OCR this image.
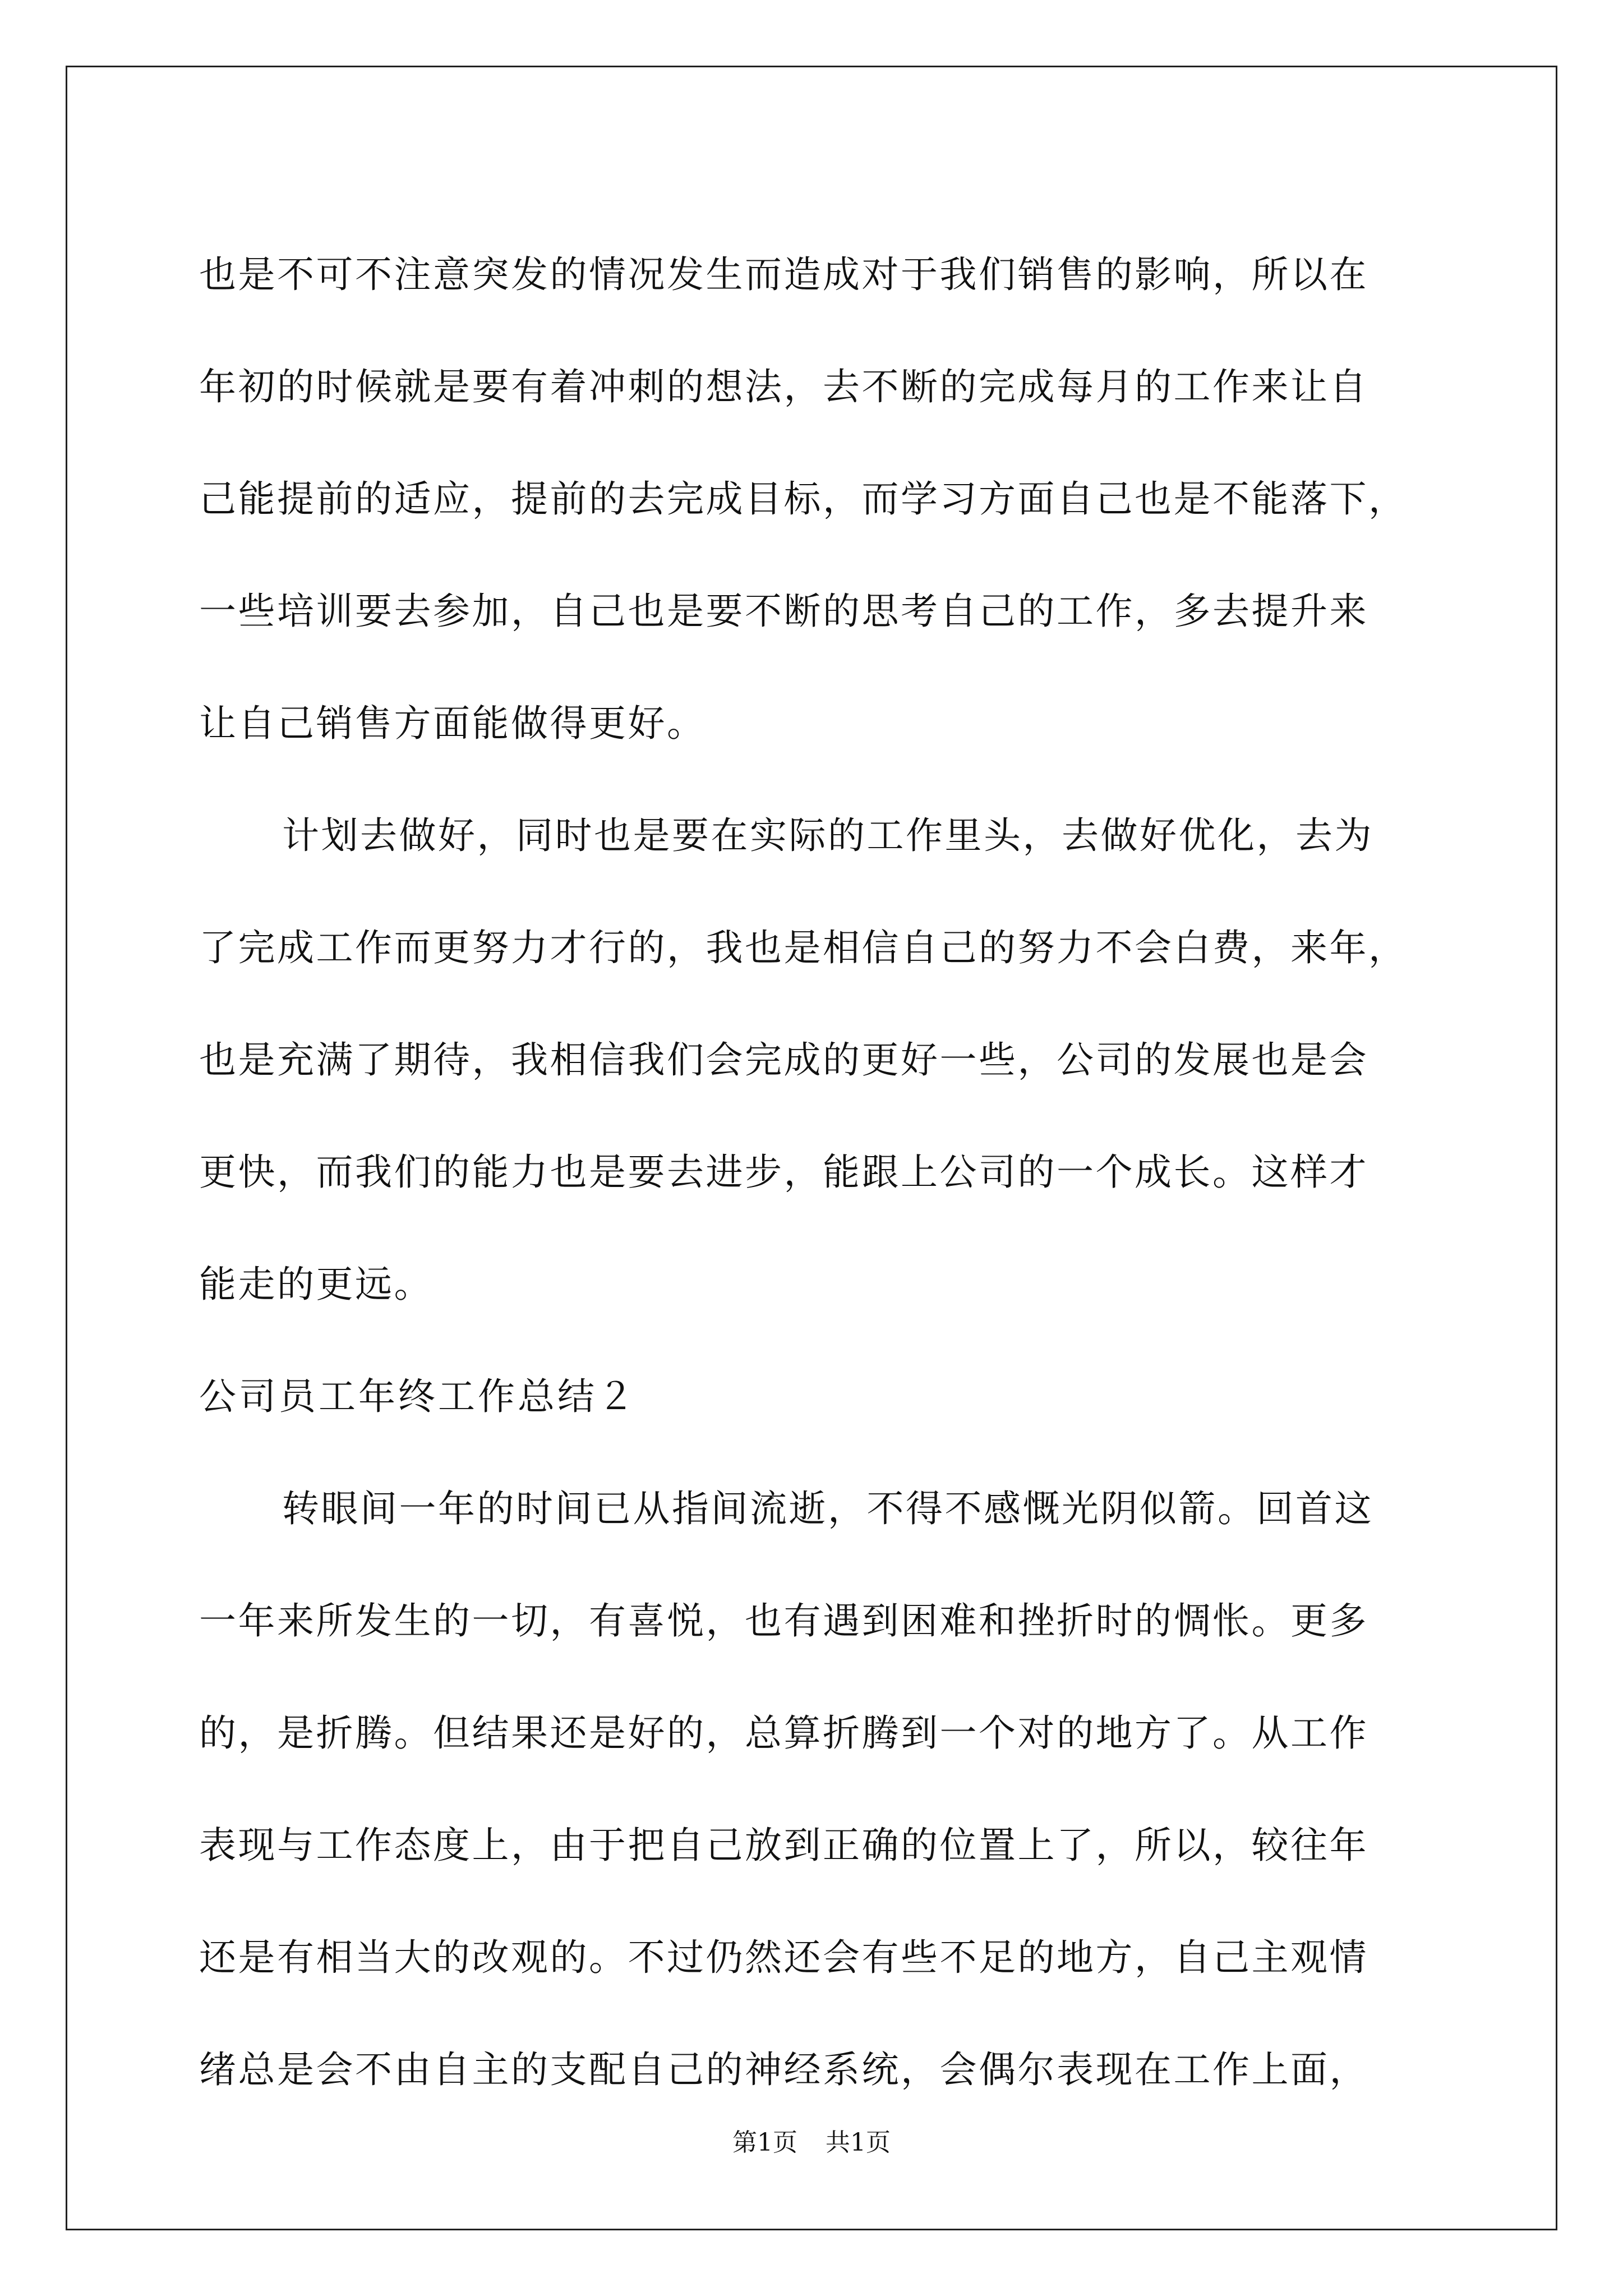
也是不可不注意突发的情况发生而造成对于我们销售的影响，所以在
年初的时候就是要有着冲刺的想法，去不断的完成每月的工作来让自
己能提前的适应，提前的去完成目标，而学习方面自己也是不能落下，
一些培训要去参加，自己也是要不断的思考自己的工作，多去提升来
让自己销售方面能做得更好。
计划去做好，同时也是要在实际的工作里头，去做好优化，去为
了完成工作而更努力才行的，我也是相信自己的努力不会白费，来年，
也是充满了期待，我相信我们会完成的更好一些，公司的发展也是会
更快，而我们的能力也是要去进步，能跟上公司的一个成长。这样才
能走的更远。
公司员工年终工作总结２
转眼间一年的时间已从指间流逝，不得不感慨光阴似箭。回首这
一年来所发生的一切，有喜悦，也有遇到困难和挫折时的惆怅。更多
的，是折腾。但结果还是好的，总算折腾到一个对的地方了。从工作
表现与工作态度上，由于把自己放到正确的位置上了，所以，较往年
还是有相当大的改观的。不过仍然还会有些不足的地方，自己主观情
绪总是会不由自主的支配自己的神经系统，会偶尔表现在工作上面，
第1页 共1页
